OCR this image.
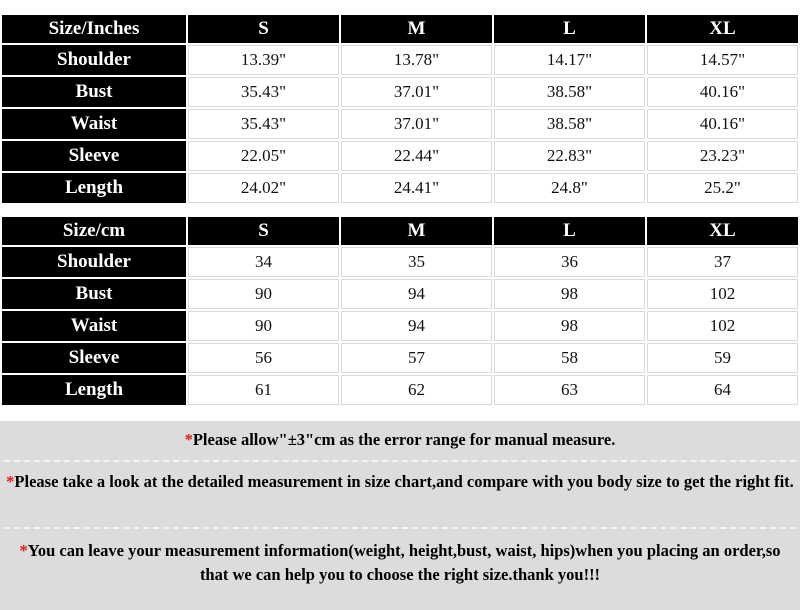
Size/Inches	S	M	L	XL
Shoulder	13.39"	13.78"	14.17"	14.57"
Bust	35.43"	37.01"	38.58"	40.16"
Waist	35.43"	37.01"	38.58"	40.16"
Sleeve	22.05"	22.44"	22.83"	23.23"
Length	24.02"	24.41"	24.8"	25.2"
Size/cm	S	M	L	XL
Shoulder	34	35	36	37
Bust	90	94	98	102
Waist	90	94	98	102
Sleeve	56	57	58	59
Length	61	62	63	64
*Please allow"±3"cm as the error range for manual measure.
*Please take a look at the detailed measurement in size chart,and compare with you body size to get the right fit.
*You can leave your measurement information(weight, height,bust, waist, hips)when you placing an order,so that we can help you to choose the right size.thank you!!!
